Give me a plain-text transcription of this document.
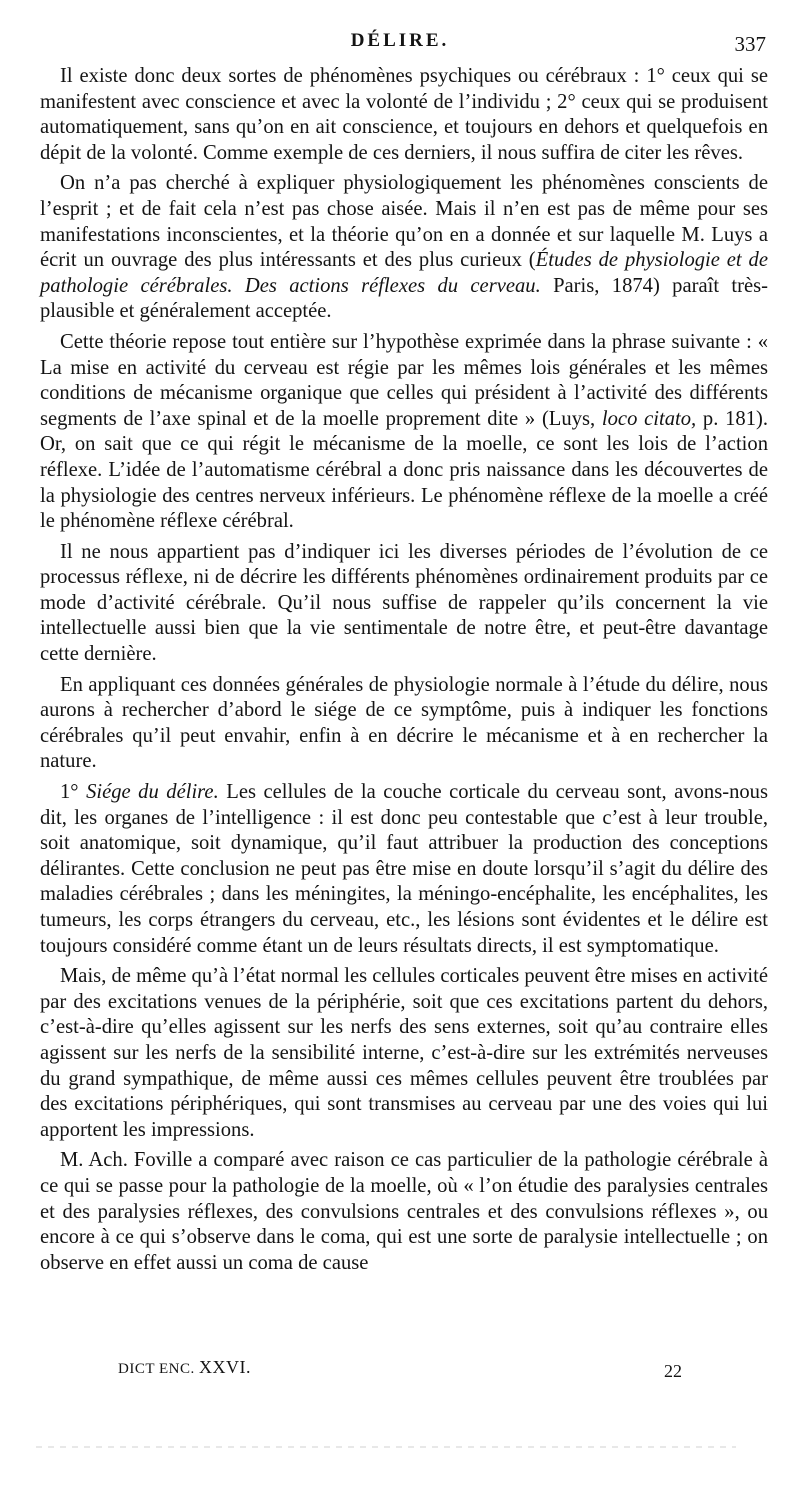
DÉLIRE.	337

Il existe donc deux sortes de phénomènes psychiques ou cérébraux : 1° ceux qui se manifestent avec conscience et avec la volonté de l’individu ; 2° ceux qui se produisent automatiquement, sans qu’on en ait conscience, et toujours en dehors et quelquefois en dépit de la volonté. Comme exemple de ces derniers, il nous suffira de citer les rêves.

On n’a pas cherché à expliquer physiologiquement les phénomènes conscients de l’esprit ; et de fait cela n’est pas chose aisée. Mais il n’en est pas de même pour ses manifestations inconscientes, et la théorie qu’on en a donnée et sur laquelle M. Luys a écrit un ouvrage des plus intéressants et des plus curieux (Études de physiologie et de pathologie cérébrales. Des actions réflexes du cerveau. Paris, 1874) paraît très-plausible et généralement acceptée.

Cette théorie repose tout entière sur l’hypothèse exprimée dans la phrase suivante : « La mise en activité du cerveau est régie par les mêmes lois générales et les mêmes conditions de mécanisme organique que celles qui président à l’activité des différents segments de l’axe spinal et de la moelle proprement dite » (Luys, loco citato, p. 181). Or, on sait que ce qui régit le mécanisme de la moelle, ce sont les lois de l’action réflexe. L’idée de l’automatisme cérébral a donc pris naissance dans les découvertes de la physiologie des centres nerveux inférieurs. Le phénomène réflexe de la moelle a créé le phénomène réflexe cérébral.

Il ne nous appartient pas d’indiquer ici les diverses périodes de l’évolution de ce processus réflexe, ni de décrire les différents phénomènes ordinairement produits par ce mode d’activité cérébrale. Qu’il nous suffise de rappeler qu’ils concernent la vie intellectuelle aussi bien que la vie sentimentale de notre être, et peut-être davantage cette dernière.

En appliquant ces données générales de physiologie normale à l’étude du délire, nous aurons à rechercher d’abord le siége de ce symptôme, puis à indiquer les fonctions cérébrales qu’il peut envahir, enfin à en décrire le mécanisme et à en rechercher la nature.

1° Siége du délire. Les cellules de la couche corticale du cerveau sont, avons-nous dit, les organes de l’intelligence : il est donc peu contestable que c’est à leur trouble, soit anatomique, soit dynamique, qu’il faut attribuer la production des conceptions délirantes. Cette conclusion ne peut pas être mise en doute lorsqu’il s’agit du délire des maladies cérébrales ; dans les méningites, la méningo-encéphalite, les encéphalites, les tumeurs, les corps étrangers du cerveau, etc., les lésions sont évidentes et le délire est toujours considéré comme étant un de leurs résultats directs, il est symptomatique.

Mais, de même qu’à l’état normal les cellules corticales peuvent être mises en activité par des excitations venues de la périphérie, soit que ces excitations partent du dehors, c’est-à-dire qu’elles agissent sur les nerfs des sens externes, soit qu’au contraire elles agissent sur les nerfs de la sensibilité interne, c’est-à-dire sur les extrémités nerveuses du grand sympathique, de même aussi ces mêmes cellules peuvent être troublées par des excitations périphériques, qui sont transmises au cerveau par une des voies qui lui apportent les impressions.

M. Ach. Foville a comparé avec raison ce cas particulier de la pathologie cérébrale à ce qui se passe pour la pathologie de la moelle, où « l’on étudie des paralysies centrales et des paralysies réflexes, des convulsions centrales et des convulsions réflexes », ou encore à ce qui s’observe dans le coma, qui est une sorte de paralysie intellectuelle ; on observe en effet aussi un coma de cause

DICT ENC. XXVI.	22
